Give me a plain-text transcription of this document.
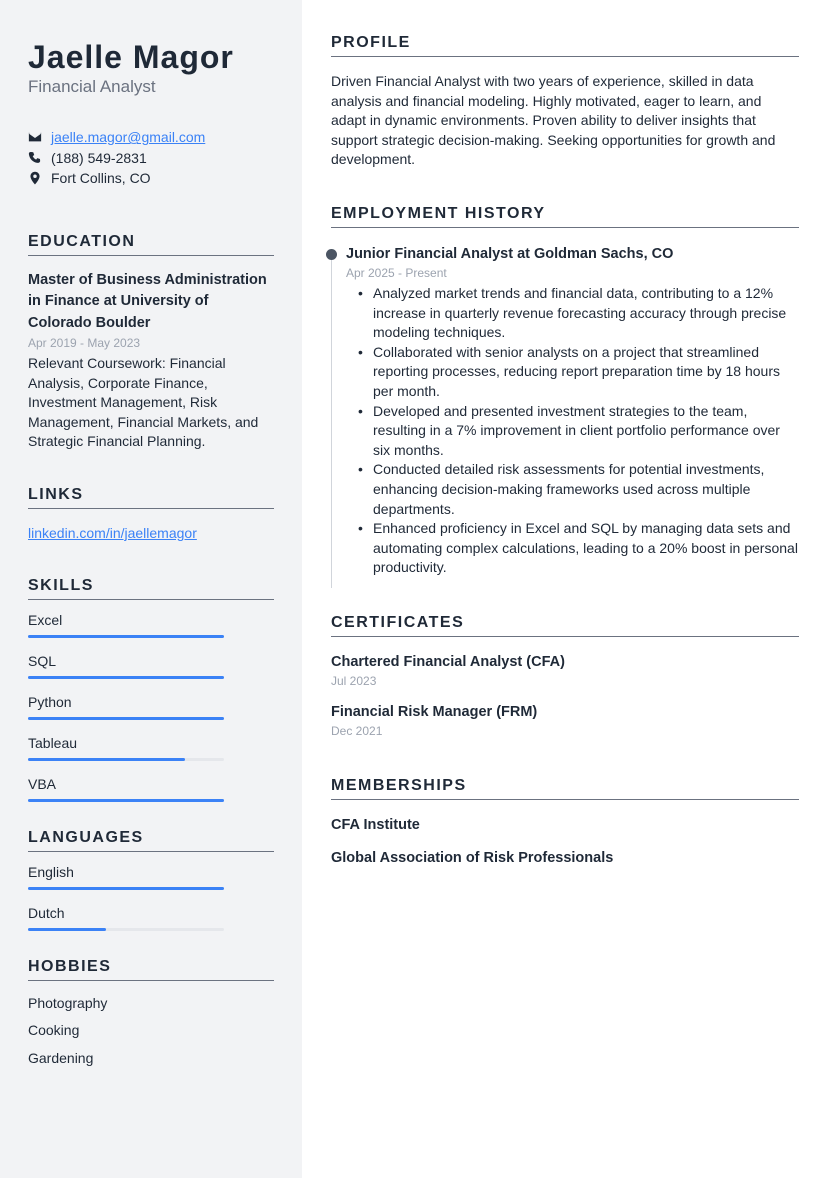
Jaelle Magor
Financial Analyst
jaelle.magor@gmail.com
(188) 549-2831
Fort Collins, CO
EDUCATION
Master of Business Administration in Finance at University of Colorado Boulder
Apr 2019 - May 2023
Relevant Coursework: Financial Analysis, Corporate Finance, Investment Management, Risk Management, Financial Markets, and Strategic Financial Planning.
LINKS
linkedin.com/in/jaellemagor
SKILLS
Excel
SQL
Python
Tableau
VBA
LANGUAGES
English
Dutch
HOBBIES
Photography
Cooking
Gardening
PROFILE
Driven Financial Analyst with two years of experience, skilled in data analysis and financial modeling. Highly motivated, eager to learn, and adapt in dynamic environments. Proven ability to deliver insights that support strategic decision-making. Seeking opportunities for growth and development.
EMPLOYMENT HISTORY
Junior Financial Analyst at Goldman Sachs, CO
Apr 2025 - Present
• Analyzed market trends and financial data, contributing to a 12% increase in quarterly revenue forecasting accuracy through precise modeling techniques.
• Collaborated with senior analysts on a project that streamlined reporting processes, reducing report preparation time by 18 hours per month.
• Developed and presented investment strategies to the team, resulting in a 7% improvement in client portfolio performance over six months.
• Conducted detailed risk assessments for potential investments, enhancing decision-making frameworks used across multiple departments.
• Enhanced proficiency in Excel and SQL by managing data sets and automating complex calculations, leading to a 20% boost in personal productivity.
CERTIFICATES
Chartered Financial Analyst (CFA)
Jul 2023
Financial Risk Manager (FRM)
Dec 2021
MEMBERSHIPS
CFA Institute
Global Association of Risk Professionals
